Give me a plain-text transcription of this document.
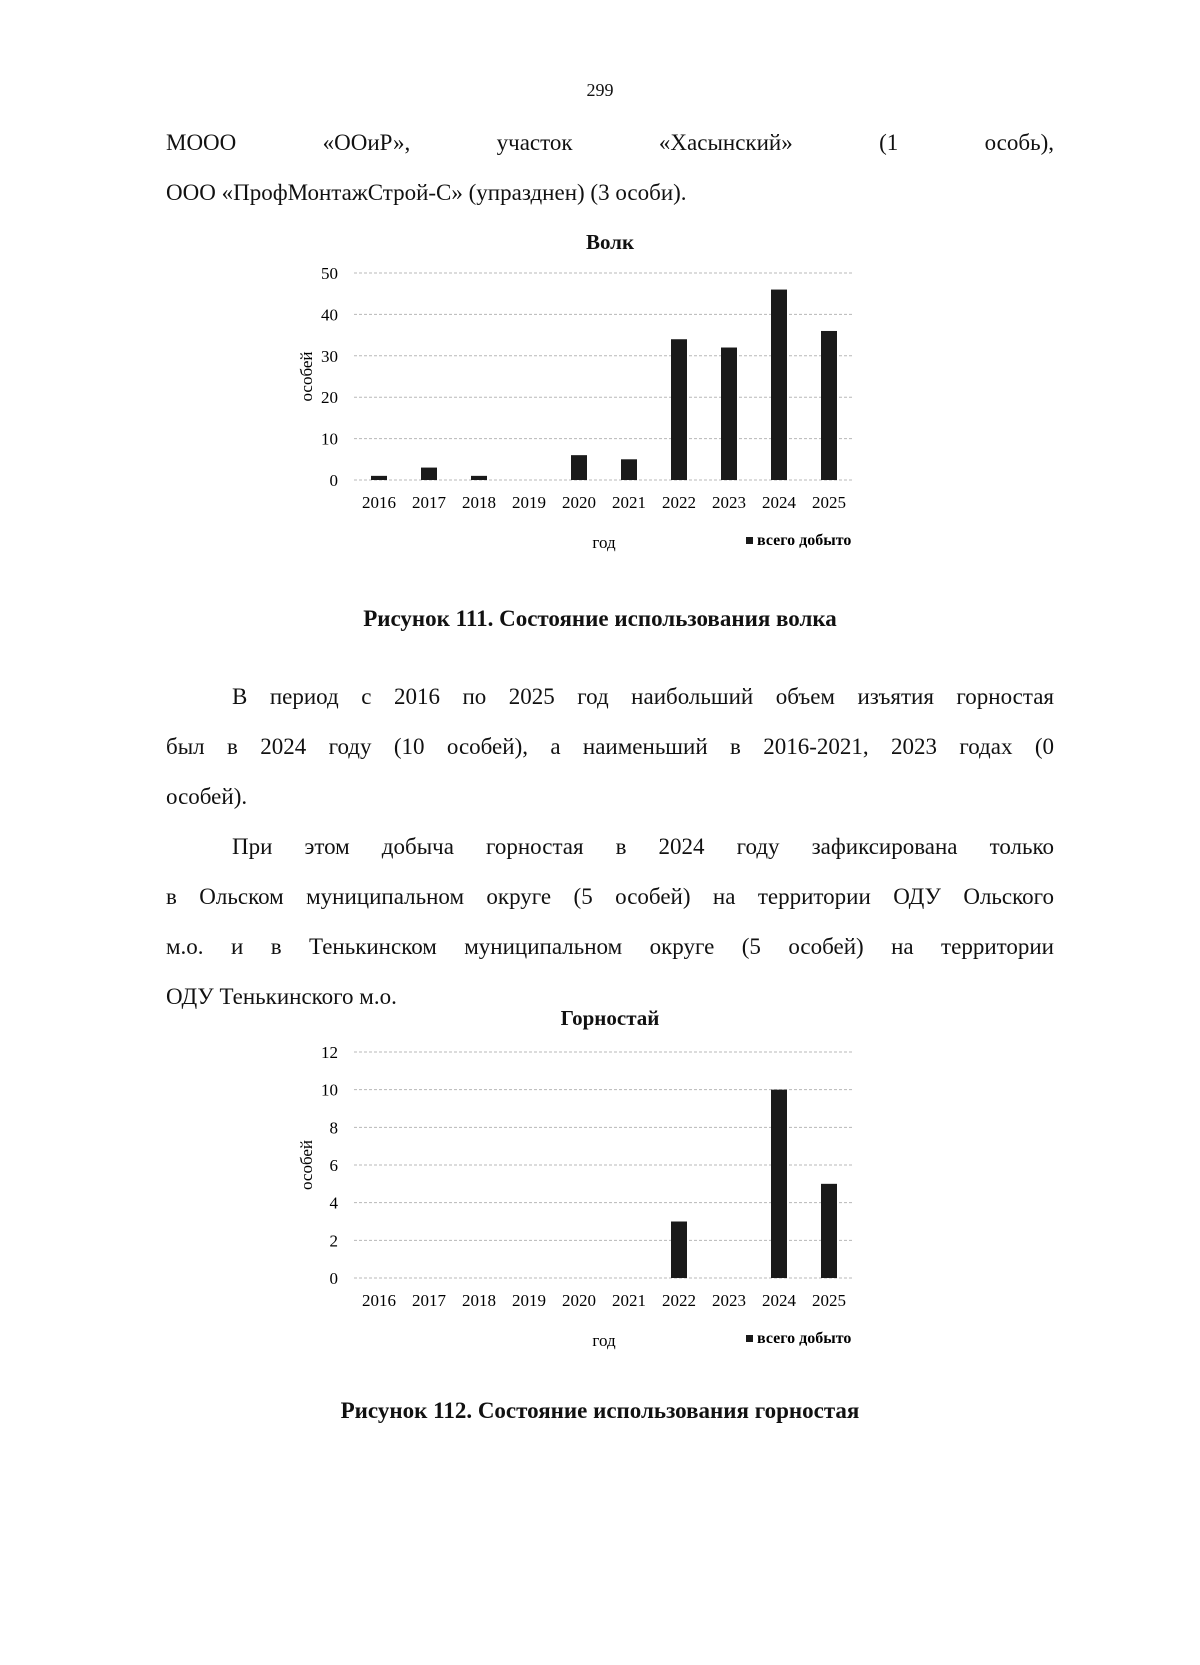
299
МООО «ООиР», участок «Хасынский» (1 особь),
ООО «ПрофМонтажСтрой-С» (упразднен) (3 особи).
Волк
0
10
20
30
40
50
2016 2017 2018 2019 2020 2021 2022 2023 2024 2025
особей
год	всего добыто
Рисунок 111. Состояние использования волка
В период с 2016 по 2025 год наибольший объем изъятия горностая
был в 2024 году (10 особей), а наименьший в 2016-2021, 2023 годах (0
особей).
При этом добыча горностая в 2024 году зафиксирована только
в Ольском муниципальном округе (5 особей) на территории ОДУ Ольского
м.о. и в Тенькинском муниципальном округе (5 особей) на территории
ОДУ Тенькинского м.о.
Горностай
0
2
4
6
8
10
12
2016 2017 2018 2019 2020 2021 2022 2023 2024 2025
особей
год	всего добыто
Рисунок 112. Состояние использования горностая
